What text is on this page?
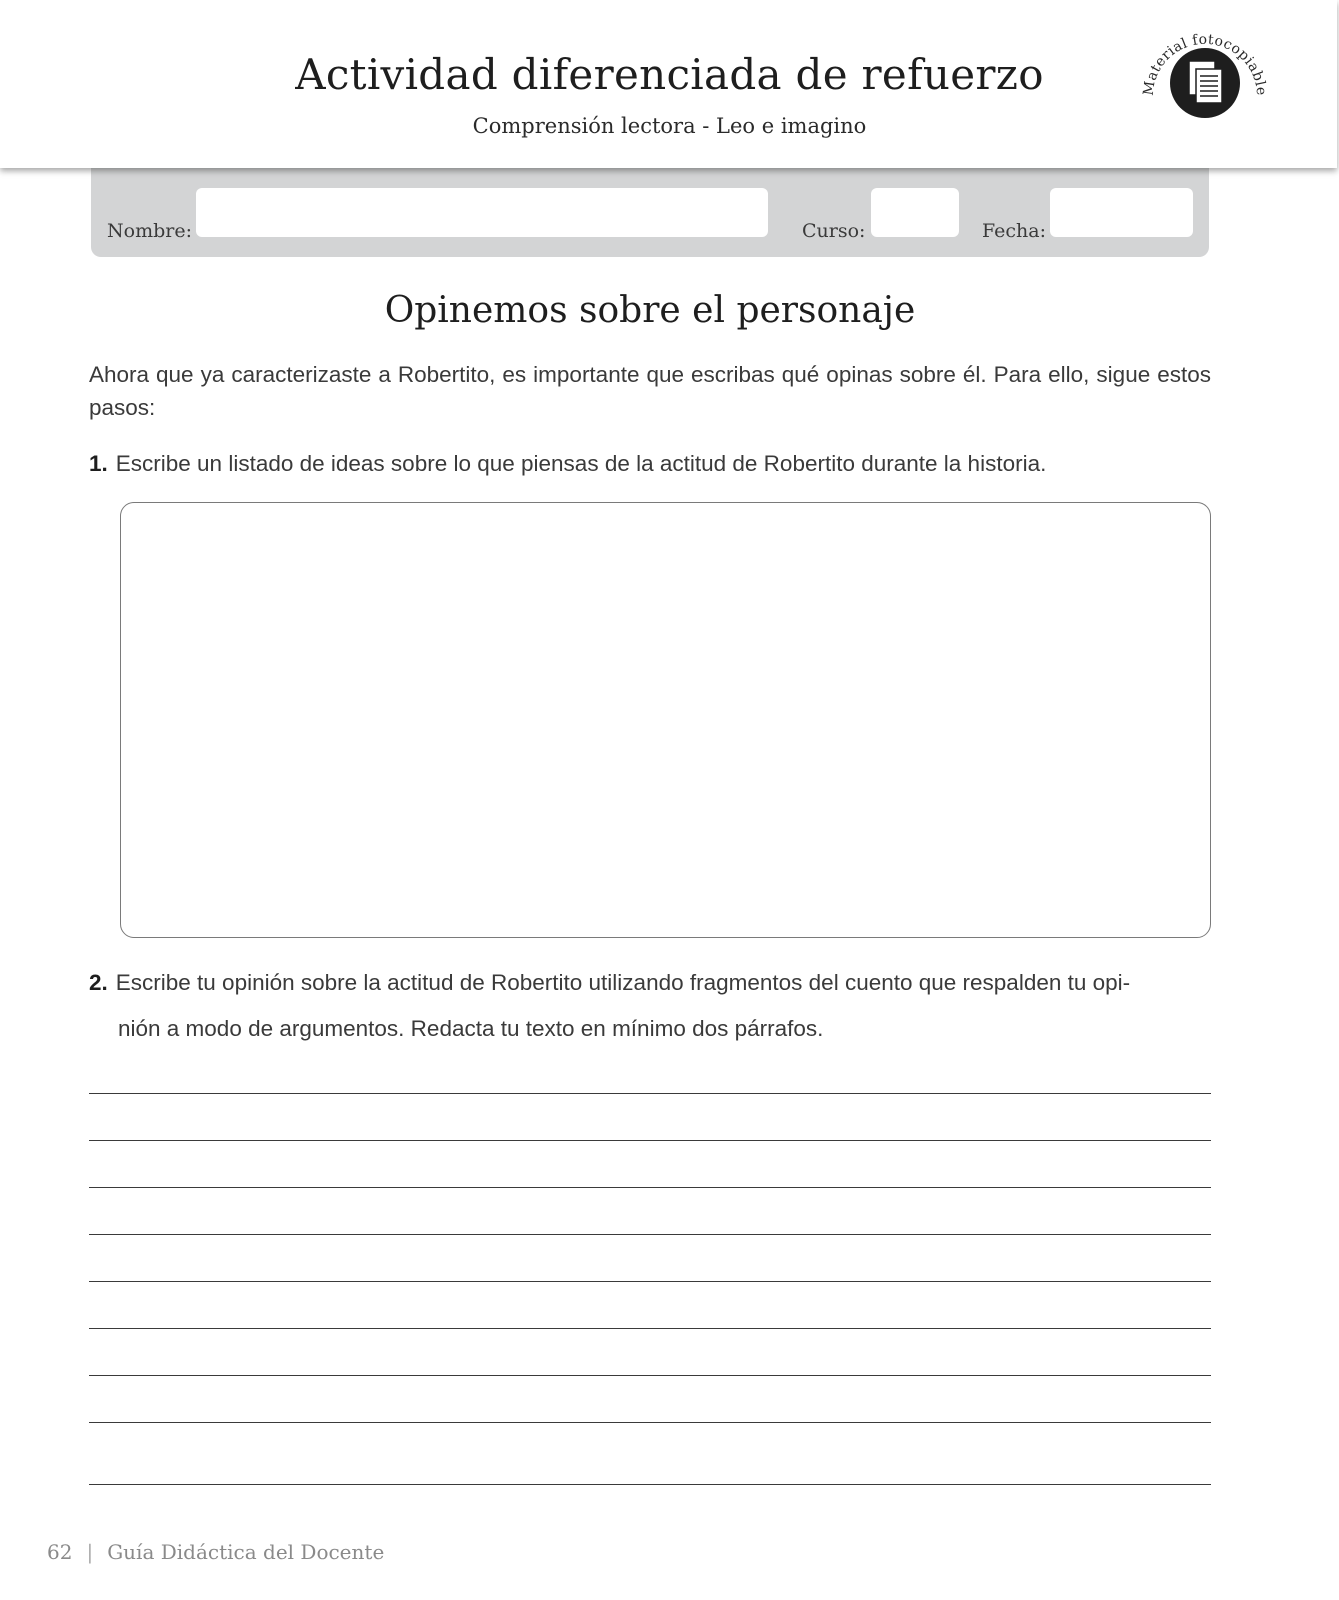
Actividad diferenciada de refuerzo
Comprensión lectora - Leo e imagino
Material fotocopiable
Nombre:	Curso:	Fecha:
Opinemos sobre el personaje
Ahora que ya caracterizaste a Robertito, es importante que escribas qué opinas sobre él. Para ello, sigue estos pasos:
1. Escribe un listado de ideas sobre lo que piensas de la actitud de Robertito durante la historia.
2. Escribe tu opinión sobre la actitud de Robertito utilizando fragmentos del cuento que respalden tu opi-
nión a modo de argumentos. Redacta tu texto en mínimo dos párrafos.
62 | Guía Didáctica del Docente
